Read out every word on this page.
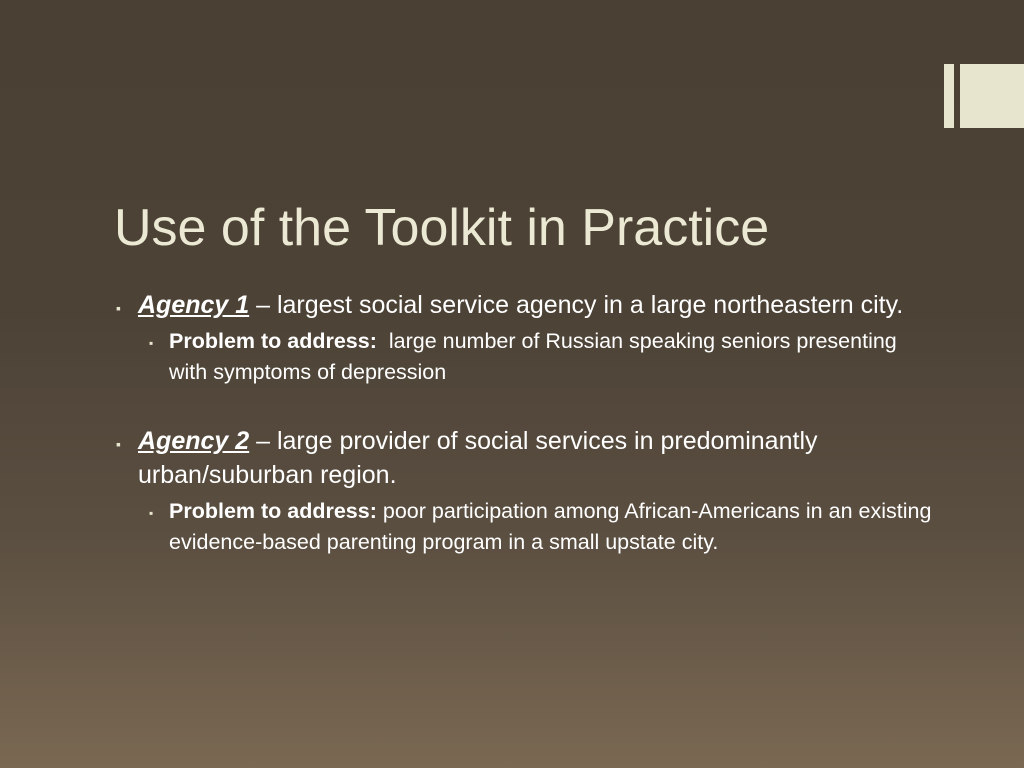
Use of the Toolkit in Practice

▪ Agency 1 – largest social service agency in a large northeastern city.

▪ Problem to address:  large number of Russian speaking seniors presenting with symptoms of depression

▪ Agency 2 – large provider of social services in predominantly urban/suburban region.

▪ Problem to address: poor participation among African-Americans in an existing evidence-based parenting program in a small upstate city.
